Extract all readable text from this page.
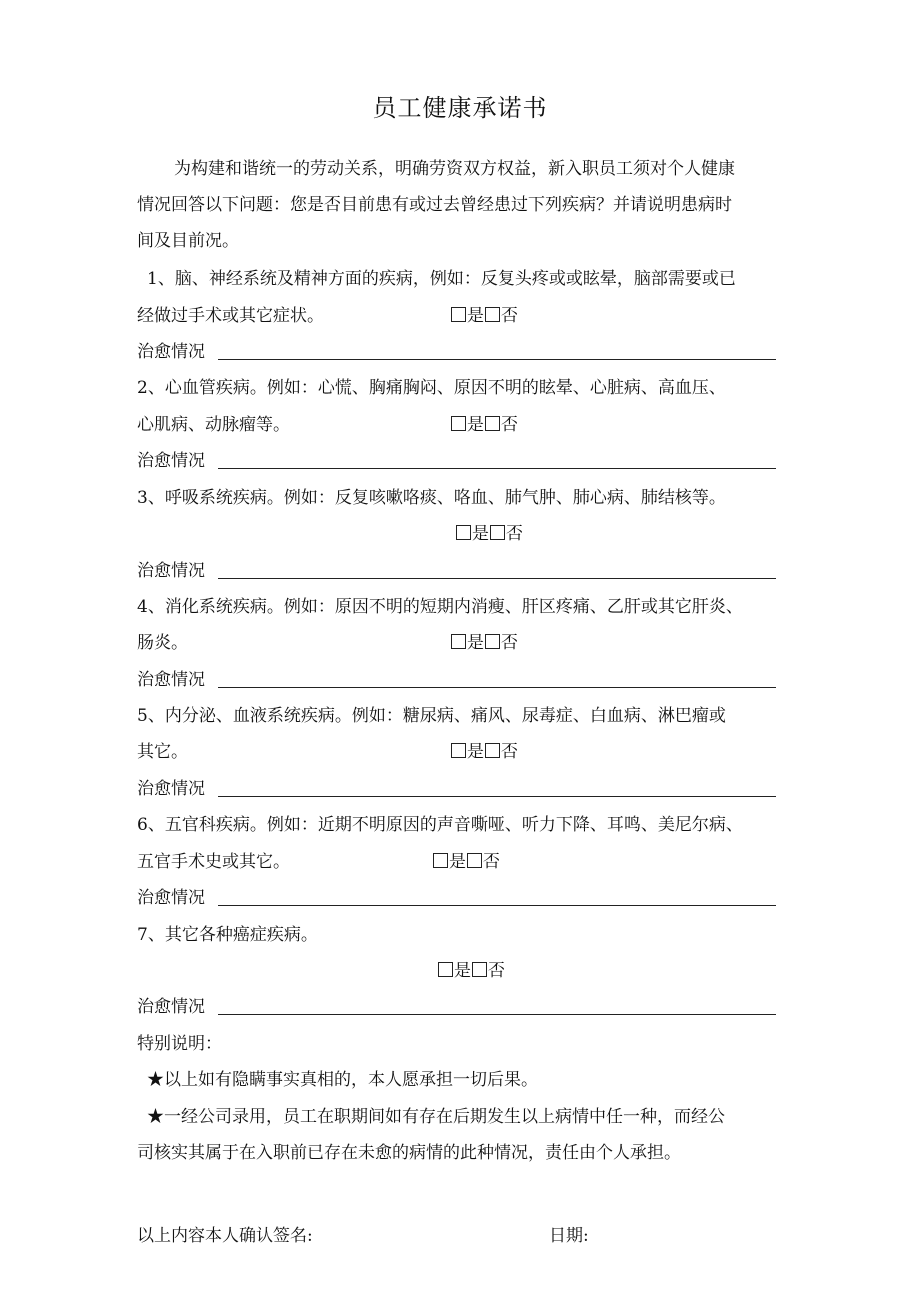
员工健康承诺书
为构建和谐统一的劳动关系，明确劳资双方权益，新入职员工须对个人健康
情况回答以下问题：您是否目前患有或过去曾经患过下列疾病？并请说明患病时
间及目前况。
1、脑、神经系统及精神方面的疾病，例如：反复头疼或或眩晕，脑部需要或已
经做过手术或其它症状。	是 否
治愈情况
2、心血管疾病。例如：心慌、胸痛胸闷、原因不明的眩晕、心脏病、高血压、
心肌病、动脉瘤等。	是 否
治愈情况
3、呼吸系统疾病。例如：反复咳嗽咯痰、咯血、肺气肿、肺心病、肺结核等。
是 否
治愈情况
4、消化系统疾病。例如：原因不明的短期内消瘦、肝区疼痛、乙肝或其它肝炎、
肠炎。	是 否
治愈情况
5、内分泌、血液系统疾病。例如：糖尿病、痛风、尿毒症、白血病、淋巴瘤或
其它。	是 否
治愈情况
6、五官科疾病。例如：近期不明原因的声音嘶哑、听力下降、耳鸣、美尼尔病、
五官手术史或其它。	是 否
治愈情况
7、其它各种癌症疾病。
是 否
治愈情况
特别说明：
★以上如有隐瞒事实真相的，本人愿承担一切后果。
★一经公司录用，员工在职期间如有存在后期发生以上病情中任一种，而经公
司核实其属于在入职前已存在未愈的病情的此种情况，责任由个人承担。
以上内容本人确认签名:	日期:
